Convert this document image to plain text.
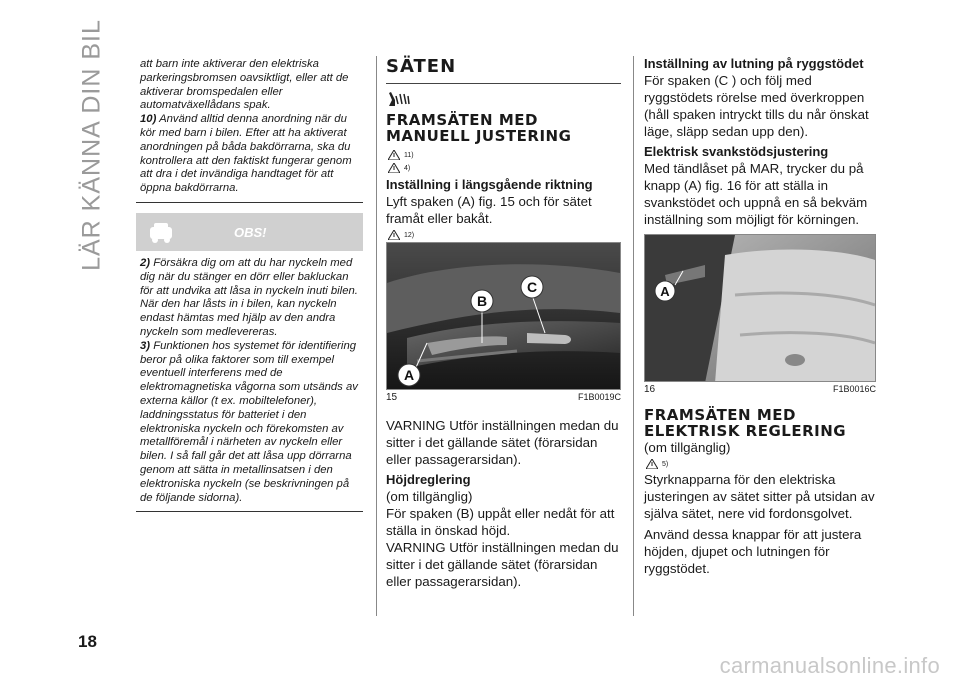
LÄR KÄNNA DIN BIL
18

att barn inte aktiverar den elektriska parkeringsbromsen oavsiktligt, eller att de aktiverar bromspedalen eller automatväxellådans spak.

10) Använd alltid denna anordning när du kör med barn i bilen. Efter att ha aktiverat anordningen på båda bakdörrarna, ska du kontrollera att den faktiskt fungerar genom att dra i det invändiga handtaget för att öppna bakdörrarna.

OBS!

2) Försäkra dig om att du har nyckeln med dig när du stänger en dörr eller bakluckan för att undvika att låsa in nyckeln inuti bilen. När den har låsts in i bilen, kan nyckeln endast hämtas med hjälp av den andra nyckeln som medlevereras.

3) Funktionen hos systemet för identifiering beror på olika faktorer som till exempel eventuell interferens med de elektromagnetiska vågorna som utsänds av externa källor (t ex. mobiltelefoner), laddningsstatus för batteriet i den elektroniska nyckeln och förekomsten av metallföremål i närheten av nyckeln eller bilen. I så fall går det att låsa upp dörrarna genom att sätta in metallinsatsen i den elektroniska nyckeln (se beskrivningen på de följande sidorna).

SÄTEN
FRAMSÄTEN MED MANUELL JUSTERING
11)
4)
Inställning i längsgående riktning

Lyft spaken (A) fig. 15 och för sätet framåt eller bakåt.

12)
A
B
C
15	F1B0019C

VARNING Utför inställningen medan du sitter i det gällande sätet (förarsidan eller passagerarsidan).

Höjdreglering

(om tillgänglig)

För spaken (B) uppåt eller nedåt för att ställa in önskad höjd.

VARNING Utför inställningen medan du sitter i det gällande sätet (förarsidan eller passagerarsidan).

Inställning av lutning på ryggstödet

För spaken (C ) och följ med ryggstödets rörelse med överkroppen (håll spaken intryckt tills du når önskat läge, släpp sedan upp den).

Elektrisk svankstödsjustering

Med tändlåset på MAR, trycker du på knapp (A) fig. 16 för att ställa in svankstödet och uppnå en så bekväm inställning som möjligt för körningen.

A
16	F1B0016C
FRAMSÄTEN MED ELEKTRISK REGLERING

(om tillgänglig)

5)

Styrknapparna för den elektriska justeringen av sätet sitter på utsidan av själva sätet, nere vid fordonsgolvet.

Använd dessa knappar för att justera höjden, djupet och lutningen för ryggstödet.

carmanualsonline.info
